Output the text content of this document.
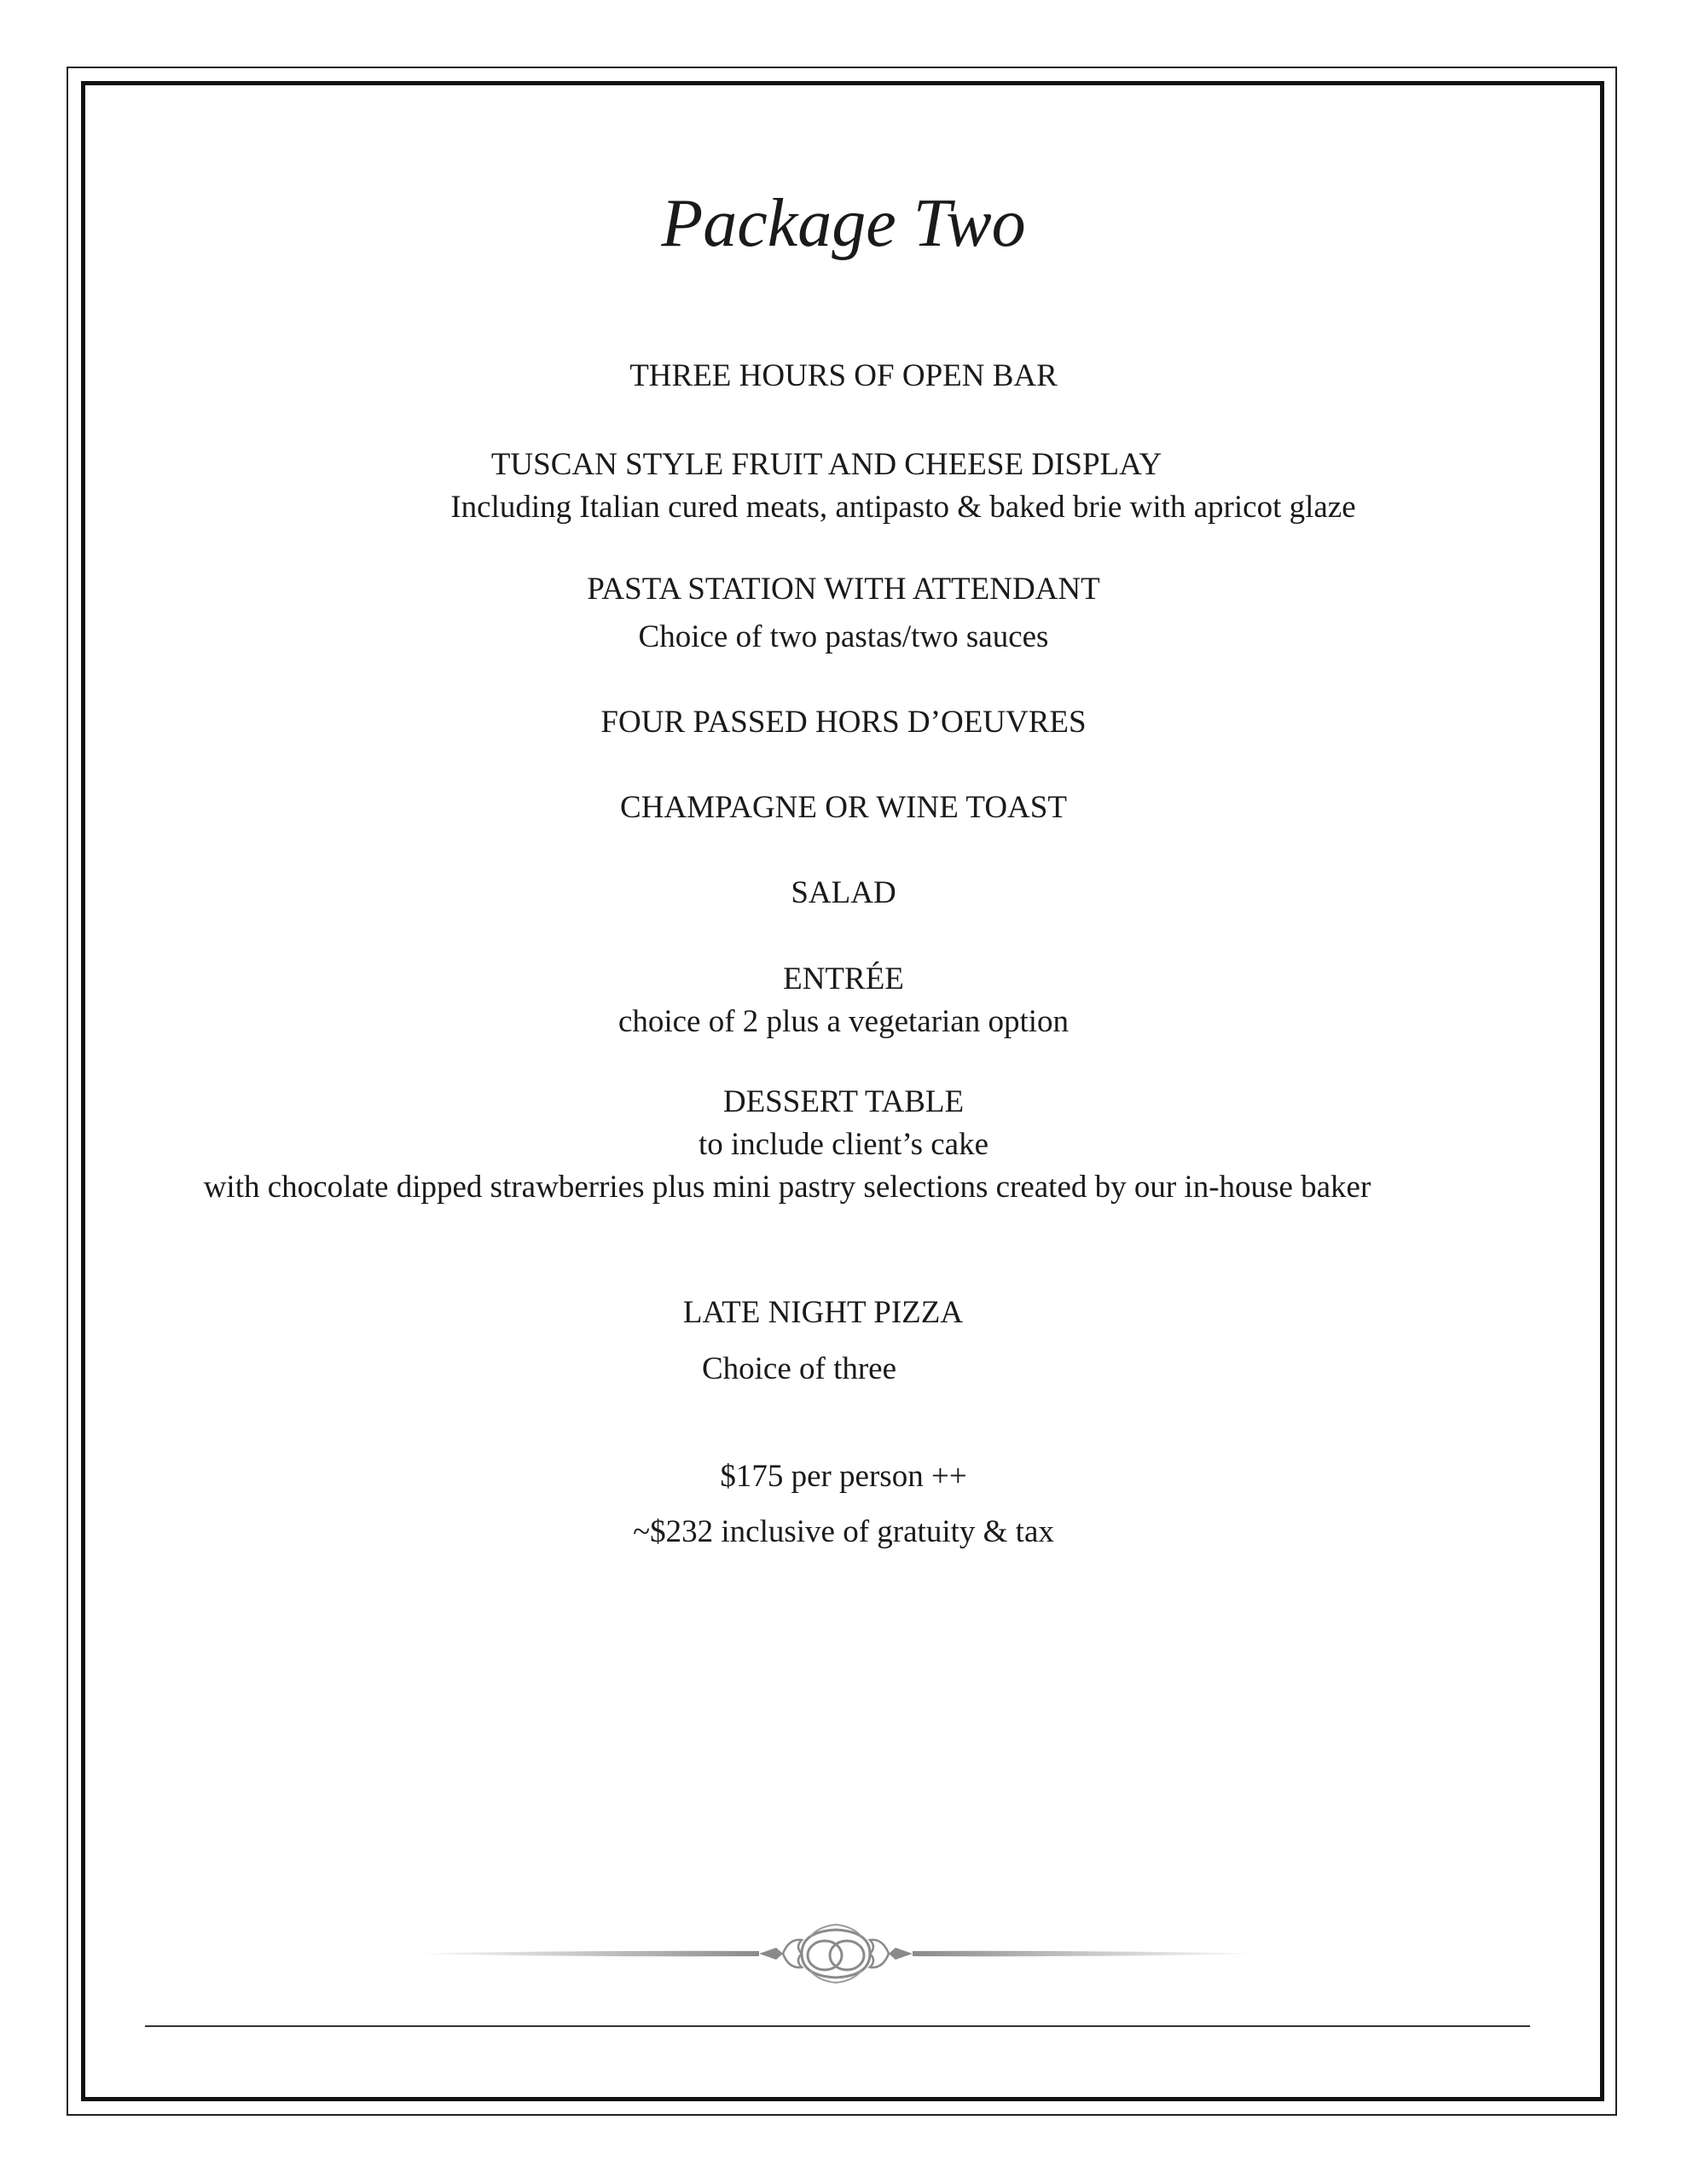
Package Two
THREE HOURS OF OPEN BAR
TUSCAN STYLE FRUIT AND CHEESE DISPLAY
Including Italian cured meats, antipasto & baked brie with apricot glaze
PASTA STATION WITH ATTENDANT
Choice of two pastas/two sauces
FOUR PASSED HORS D’OEUVRES
CHAMPAGNE OR WINE TOAST
SALAD
ENTRÉE
choice of 2 plus a vegetarian option
DESSERT TABLE
to include client’s cake
with chocolate dipped strawberries plus mini pastry selections created by our in-house baker
LATE NIGHT PIZZA
Choice of three
$175 per person ++
~$232 inclusive of gratuity & tax
